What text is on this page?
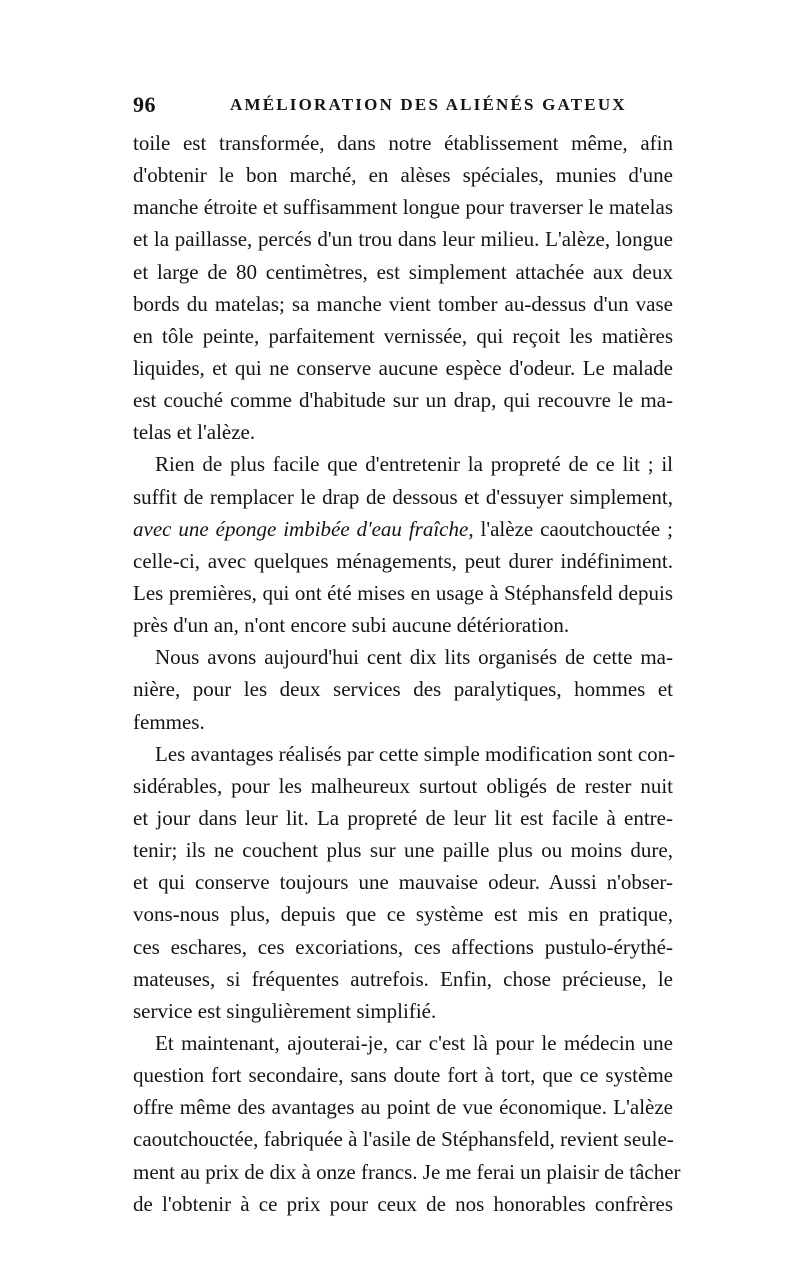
96	AMÉLIORATION DES ALIÉNÉS GATEUX
toile est transformée, dans notre établissement même, afin
d'obtenir le bon marché, en alèses spéciales, munies d'une
manche étroite et suffisamment longue pour traverser le matelas
et la paillasse, percés d'un trou dans leur milieu. L'alèze, longue
et large de 80 centimètres, est simplement attachée aux deux
bords du matelas; sa manche vient tomber au-dessus d'un vase
en tôle peinte, parfaitement vernissée, qui reçoit les matières
liquides, et qui ne conserve aucune espèce d'odeur. Le malade
est couché comme d'habitude sur un drap, qui recouvre le ma-
telas et l'alèze.
Rien de plus facile que d'entretenir la propreté de ce lit ; il
suffit de remplacer le drap de dessous et d'essuyer simplement,
avec une éponge imbibée d'eau fraîche, l'alèze caoutchouctée ;
celle-ci, avec quelques ménagements, peut durer indéfiniment.
Les premières, qui ont été mises en usage à Stéphansfeld depuis
près d'un an, n'ont encore subi aucune détérioration.
Nous avons aujourd'hui cent dix lits organisés de cette ma-
nière, pour les deux services des paralytiques, hommes et
femmes.
Les avantages réalisés par cette simple modification sont con-
sidérables, pour les malheureux surtout obligés de rester nuit
et jour dans leur lit. La propreté de leur lit est facile à entre-
tenir; ils ne couchent plus sur une paille plus ou moins dure,
et qui conserve toujours une mauvaise odeur. Aussi n'obser-
vons-nous plus, depuis que ce système est mis en pratique,
ces eschares, ces excoriations, ces affections pustulo-érythé-
mateuses, si fréquentes autrefois. Enfin, chose précieuse, le
service est singulièrement simplifié.
Et maintenant, ajouterai-je, car c'est là pour le médecin une
question fort secondaire, sans doute fort à tort, que ce système
offre même des avantages au point de vue économique. L'alèze
caoutchouctée, fabriquée à l'asile de Stéphansfeld, revient seule-
ment au prix de dix à onze francs. Je me ferai un plaisir de tâcher
de l'obtenir à ce prix pour ceux de nos honorables confrères
